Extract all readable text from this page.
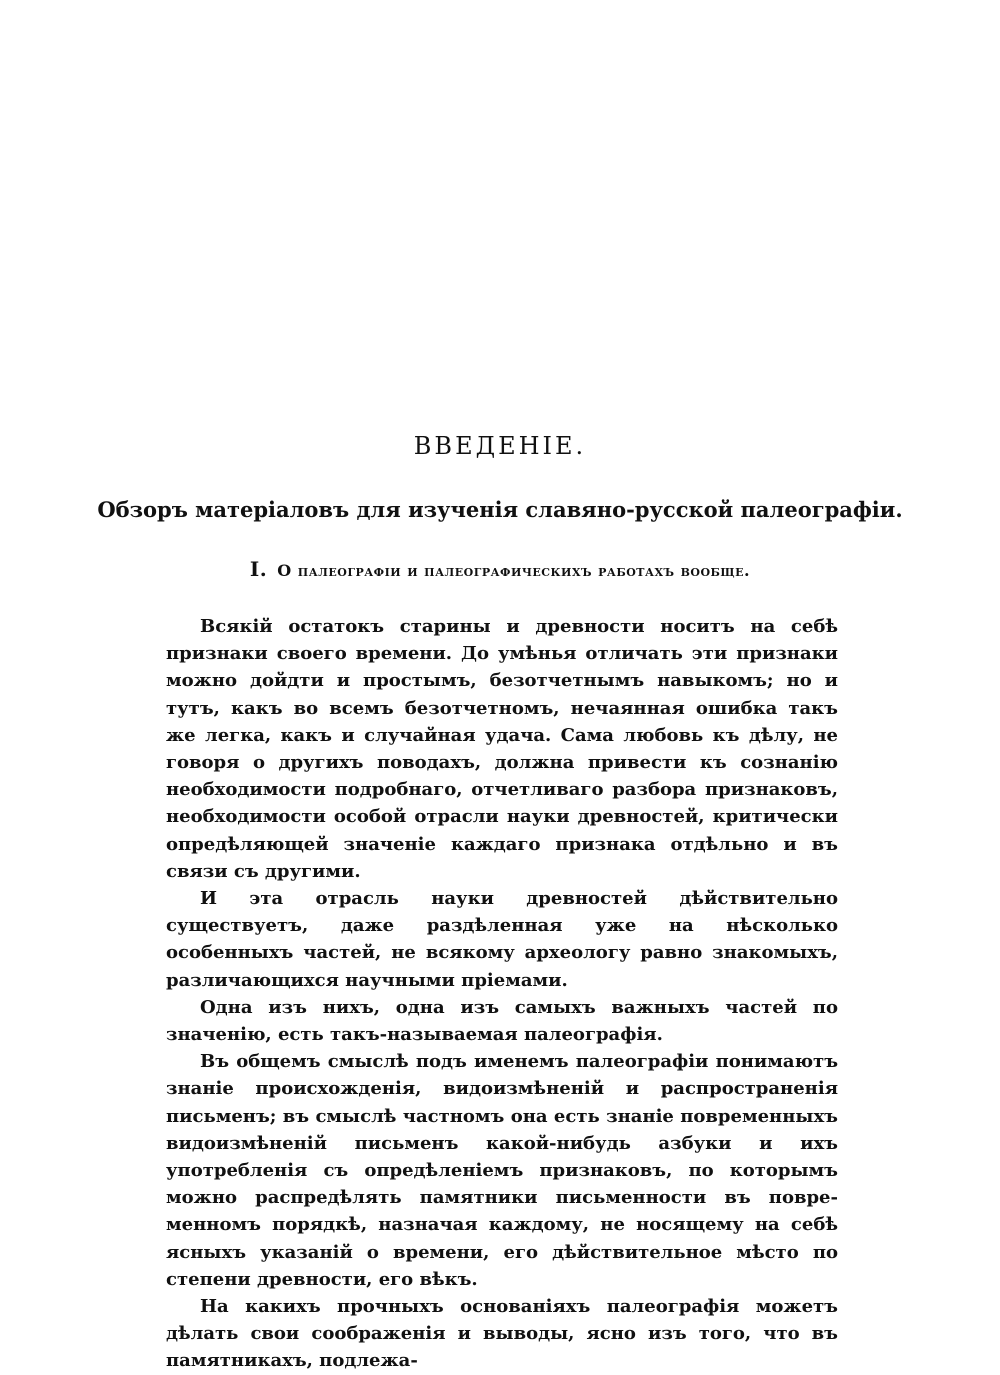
ВВЕДЕНІЕ.
Обзоръ матеріаловъ для изученія славяно-русской палеографіи.
I. О палеографіи и палеографическихъ работахъ вообще.

Всякій остатокъ старины и древности носитъ на себѣ признаки своего времени. До умѣнья отличать эти признаки можно дойдти и простымъ, безотчетнымъ навыкомъ; но и тутъ, какъ во всемъ безотчетномъ, нечаянная ошибка такъ же легка, какъ и случайная удача. Сама любовь къ дѣлу, не говоря о другихъ поводахъ, должна привести къ сознанію необходимости подробнаго, отчетливаго разбора признаковъ, необходимости особой отрасли науки древностей, критически опредѣляющей значеніе каждаго признака отдѣльно и въ связи съ другими.

И эта отрасль науки древностей дѣйствительно существуетъ, даже раздѣленная уже на нѣсколько особенныхъ частей, не всякому археологу равно знакомыхъ, различающихся научными пріемами.

Одна изъ нихъ, одна изъ самыхъ важныхъ частей по значенію, есть такъ-называемая палеографія.

Въ общемъ смыслѣ подъ именемъ палеографіи понимаютъ знаніе происхожденія, видоизмѣненій и распространенія письменъ; въ смыслѣ частномъ она есть знаніе повременныхъ видоизмѣненій письменъ какой-нибудь азбуки и ихъ употребленія съ опредѣленіемъ признаковъ, по которымъ можно распредѣлять памятники письменности въ повременномъ порядкѣ, назначая каждому, не носящему на себѣ ясныхъ указаній о времени, его дѣйствительное мѣсто по степени древности, его вѣкъ.

На какихъ прочныхъ основаніяхъ палеографія можетъ дѣлать свои соображенія и выводы, ясно изъ того, что въ памятникахъ, подлежа-
